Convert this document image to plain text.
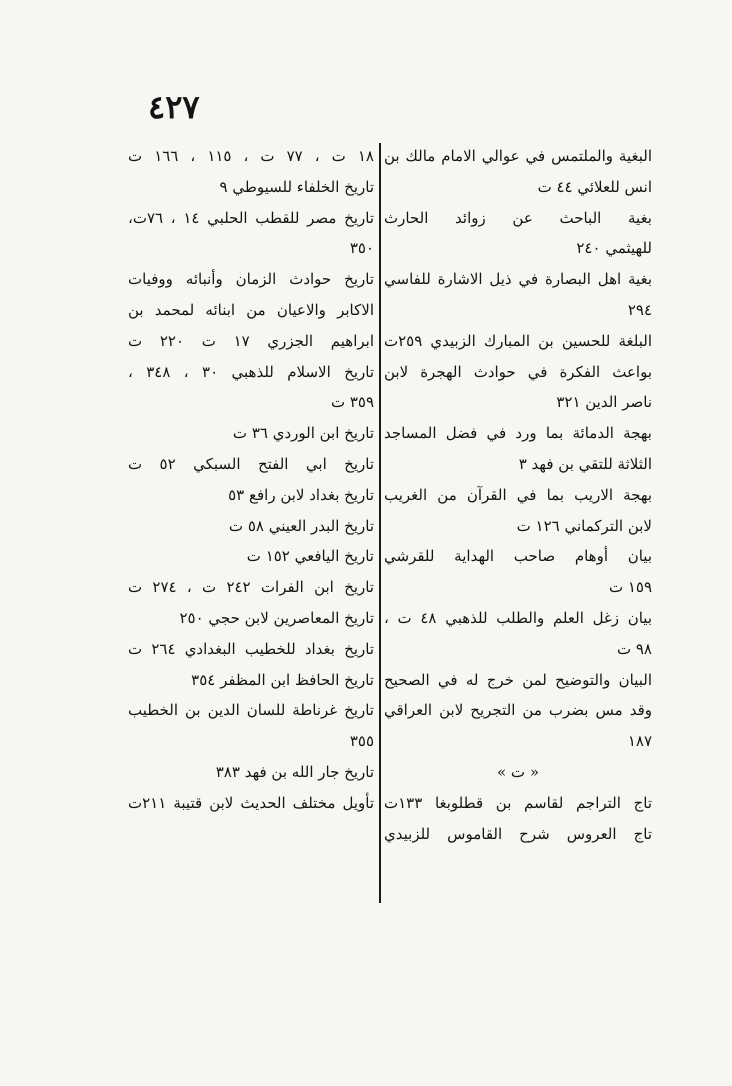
٤٢٧
البغية والملتمس في عوالي الامام مالك بن
انس للعلائي ٤٤ ت
بغية الباحث عن زوائد الحارث
للهيثمي ٢٤٠
بغية اهل البصارة في ذيل الاشارة للفاسي
٢٩٤
البلغة للحسين بن المبارك الزبيدي ٢٥٩ت
بواعث الفكرة في حوادث الهجرة لابن
ناصر الدين ٣٢١
بهجة الدمائة بما ورد في فضل المساجد
الثلاثة للتقي بن فهد ٣
بهجة الاريب بما في القرآن من الغريب
لابن التركماني ١٢٦ ت
بيان أوهام صاحب الهداية للقرشي
١٥٩ ت
بيان زغل العلم والطلب للذهبي ٤٨ ت ،
٩٨ ت
البيان والتوضيح لمن خرج له في الصحيح
وقد مس بضرب من التجريح لابن العراقي
١٨٧
« ت »
تاج التراجم لقاسم بن قطلوبغا ١٣٣ت
تاج العروس شرح القاموس للزبيدي
١٨ ت ، ٧٧ ت ، ١١٥ ، ١٦٦ ت
تاريخ الخلفاء للسيوطي ٩
تاريخ مصر للقطب الحلبي ١٤ ، ٧٦ت،
٣٥٠
تاريخ حوادث الزمان وأنبائه ووفيات
الاكابر والاعيان من ابنائه لمحمد بن
ابراهيم الجزري ١٧ ت ٢٢٠ ت
تاريخ الاسلام للذهبي ٣٠ ، ٣٤٨ ،
٣٥٩ ت
تاريخ ابن الوردي ٣٦ ت
تاريخ ابي الفتح السبكي ٥٢ ت
تاريخ بغداد لابن رافع ٥٣
تاريخ البدر العيني ٥٨ ت
تاريخ اليافعي ١٥٢ ت
تاريخ ابن الفرات ٢٤٢ ت ، ٢٧٤ ت
تاريخ المعاصرين لابن حجي ٢٥٠
تاريخ بغداد للخطيب البغدادي ٢٦٤ ت
تاريخ الحافظ ابن المظفر ٣٥٤
تاريخ غرناطة للسان الدين بن الخطيب
٣٥٥
تاريخ جار الله بن فهد ٣٨٣
تأويل مختلف الحديث لابن قتيبة ٢١١ت
